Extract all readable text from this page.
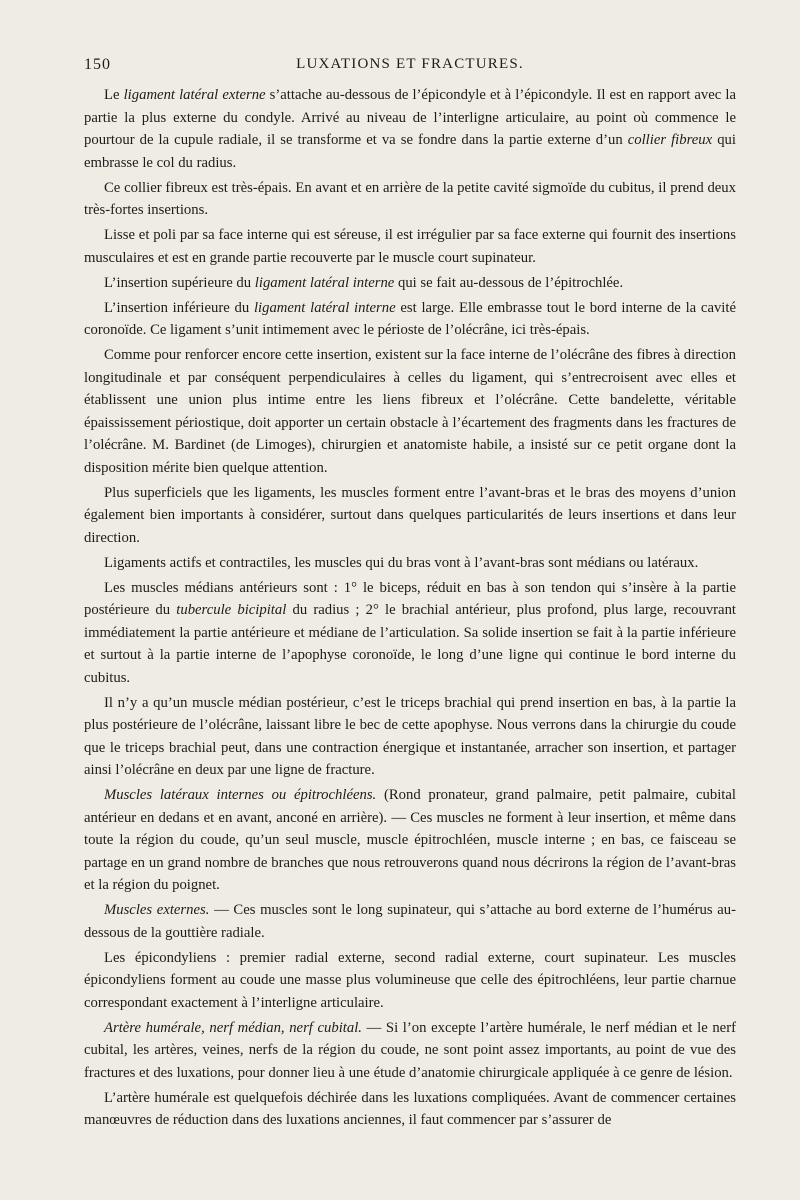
150	LUXATIONS ET FRACTURES.

Le ligament latéral externe s’attache au-dessous de l’épicondyle et à l’épicondyle. Il est en rapport avec la partie la plus externe du condyle. Arrivé au niveau de l’interligne articulaire, au point où commence le pourtour de la cupule radiale, il se transforme et va se fondre dans la partie externe d’un collier fibreux qui embrasse le col du radius.

Ce collier fibreux est très-épais. En avant et en arrière de la petite cavité sigmoïde du cubitus, il prend deux très-fortes insertions.

Lisse et poli par sa face interne qui est séreuse, il est irrégulier par sa face externe qui fournit des insertions musculaires et est en grande partie recouverte par le muscle court supinateur.

L’insertion supérieure du ligament latéral interne qui se fait au-dessous de l’épitrochlée.

L’insertion inférieure du ligament latéral interne est large. Elle embrasse tout le bord interne de la cavité coronoïde. Ce ligament s’unit intimement avec le périoste de l’olécrâne, ici très-épais.

Comme pour renforcer encore cette insertion, existent sur la face interne de l’olécrâne des fibres à direction longitudinale et par conséquent perpendiculaires à celles du ligament, qui s’entrecroisent avec elles et établissent une union plus intime entre les liens fibreux et l’olécrâne. Cette bandelette, véritable épaississement périostique, doit apporter un certain obstacle à l’écartement des fragments dans les fractures de l’olécrâne. M. Bardinet (de Limoges), chirurgien et anatomiste habile, a insisté sur ce petit organe dont la disposition mérite bien quelque attention.

Plus superficiels que les ligaments, les muscles forment entre l’avant-bras et le bras des moyens d’union également bien importants à considérer, surtout dans quelques particularités de leurs insertions et dans leur direction.

Ligaments actifs et contractiles, les muscles qui du bras vont à l’avant-bras sont médians ou latéraux.

Les muscles médians antérieurs sont : 1° le biceps, réduit en bas à son tendon qui s’insère à la partie postérieure du tubercule bicipital du radius ; 2° le brachial antérieur, plus profond, plus large, recouvrant immédiatement la partie antérieure et médiane de l’articulation. Sa solide insertion se fait à la partie inférieure et surtout à la partie interne de l’apophyse coronoïde, le long d’une ligne qui continue le bord interne du cubitus.

Il n’y a qu’un muscle médian postérieur, c’est le triceps brachial qui prend insertion en bas, à la partie la plus postérieure de l’olécrâne, laissant libre le bec de cette apophyse. Nous verrons dans la chirurgie du coude que le triceps brachial peut, dans une contraction énergique et instantanée, arracher son insertion, et partager ainsi l’olécrâne en deux par une ligne de fracture.

Muscles latéraux internes ou épitrochléens. (Rond pronateur, grand palmaire, petit palmaire, cubital antérieur en dedans et en avant, anconé en arrière). — Ces muscles ne forment à leur insertion, et même dans toute la région du coude, qu’un seul muscle, muscle épitrochléen, muscle interne ; en bas, ce faisceau se partage en un grand nombre de branches que nous retrouverons quand nous décrirons la région de l’avant-bras et la région du poignet.

Muscles externes. — Ces muscles sont le long supinateur, qui s’attache au bord externe de l’humérus au-dessous de la gouttière radiale.

Les épicondyliens : premier radial externe, second radial externe, court supinateur. Les muscles épicondyliens forment au coude une masse plus volumineuse que celle des épitrochléens, leur partie charnue correspondant exactement à l’interligne articulaire.

Artère humérale, nerf médian, nerf cubital. — Si l’on excepte l’artère humérale, le nerf médian et le nerf cubital, les artères, veines, nerfs de la région du coude, ne sont point assez importants, au point de vue des fractures et des luxations, pour donner lieu à une étude d’anatomie chirurgicale appliquée à ce genre de lésion.

L’artère humérale est quelquefois déchirée dans les luxations compliquées. Avant de commencer certaines manœuvres de réduction dans des luxations anciennes, il faut commencer par s’assurer de
